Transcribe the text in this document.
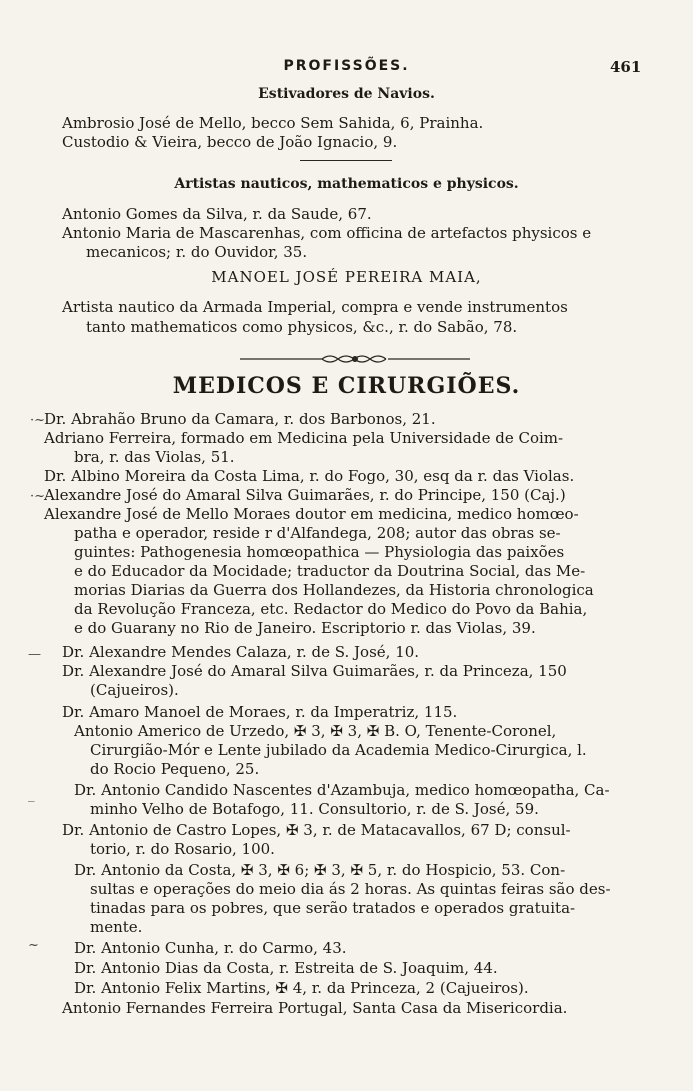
PROFISSÕES.	461
Estivadores de Navios.
Ambrosio José de Mello, becco Sem Sahida, 6, Prainha.
Custodio & Vieira, becco de João Ignacio, 9.
Artistas nauticos, mathematicos e physicos.
Antonio Gomes da Silva, r. da Saude, 67.
Antonio Maria de Mascarenhas, com officina de artefactos physicos e
mecanicos; r. do Ouvidor, 35.
MANOEL JOSÉ PEREIRA MAIA,
Artista nautico da Armada Imperial, compra e vende instrumentos
tanto mathematicos como physicos, &c., r. do Sabão, 78.
MEDICOS E CIRURGIÕES.
·~
·~
—
‾
~
Dr. Abrahão Bruno da Camara, r. dos Barbonos, 21.
Adriano Ferreira, formado em Medicina pela Universidade de Coim-
bra, r. das Violas, 51.
Dr. Albino Moreira da Costa Lima, r. do Fogo, 30, esq da r. das Violas.
Alexandre José do Amaral Silva Guimarães, r. do Principe, 150 (Caj.)
Alexandre José de Mello Moraes doutor em medicina, medico homœo-
patha e operador, reside r d'Alfandega, 208; autor das obras se-
guintes: Pathogenesia homœopathica — Physiologia das paixões
e do Educador da Mocidade; traductor da Doutrina Social, das Me-
morias Diarias da Guerra dos Hollandezes, da Historia chronologica
da Revolução Franceza, etc. Redactor do Medico do Povo da Bahia,
e do Guarany no Rio de Janeiro. Escriptorio r. das Violas, 39.
Dr. Alexandre Mendes Calaza, r. de S. José, 10.
Dr. Alexandre José do Amaral Silva Guimarães, r. da Princeza, 150
(Cajueiros).
Dr. Amaro Manoel de Moraes, r. da Imperatriz, 115.
Antonio Americo de Urzedo, ✠ 3, ✠ 3, ✠ B. O, Tenente-Coronel,
Cirurgião-Mór e Lente jubilado da Academia Medico-Cirurgica, l.
do Rocio Pequeno, 25.
Dr. Antonio Candido Nascentes d'Azambuja, medico homœopatha, Ca-
minho Velho de Botafogo, 11. Consultorio, r. de S. José, 59.
Dr. Antonio de Castro Lopes, ✠ 3, r. de Matacavallos, 67 D; consul-
torio, r. do Rosario, 100.
Dr. Antonio da Costa, ✠ 3, ✠ 6; ✠ 3, ✠ 5, r. do Hospicio, 53. Con-
sultas e operações do meio dia ás 2 horas. As quintas feiras são des-
tinadas para os pobres, que serão tratados e operados gratuita-
mente.
Dr. Antonio Cunha, r. do Carmo, 43.
Dr. Antonio Dias da Costa, r. Estreita de S. Joaquim, 44.
Dr. Antonio Felix Martins, ✠ 4, r. da Princeza, 2 (Cajueiros).
Antonio Fernandes Ferreira Portugal, Santa Casa da Misericordia.
